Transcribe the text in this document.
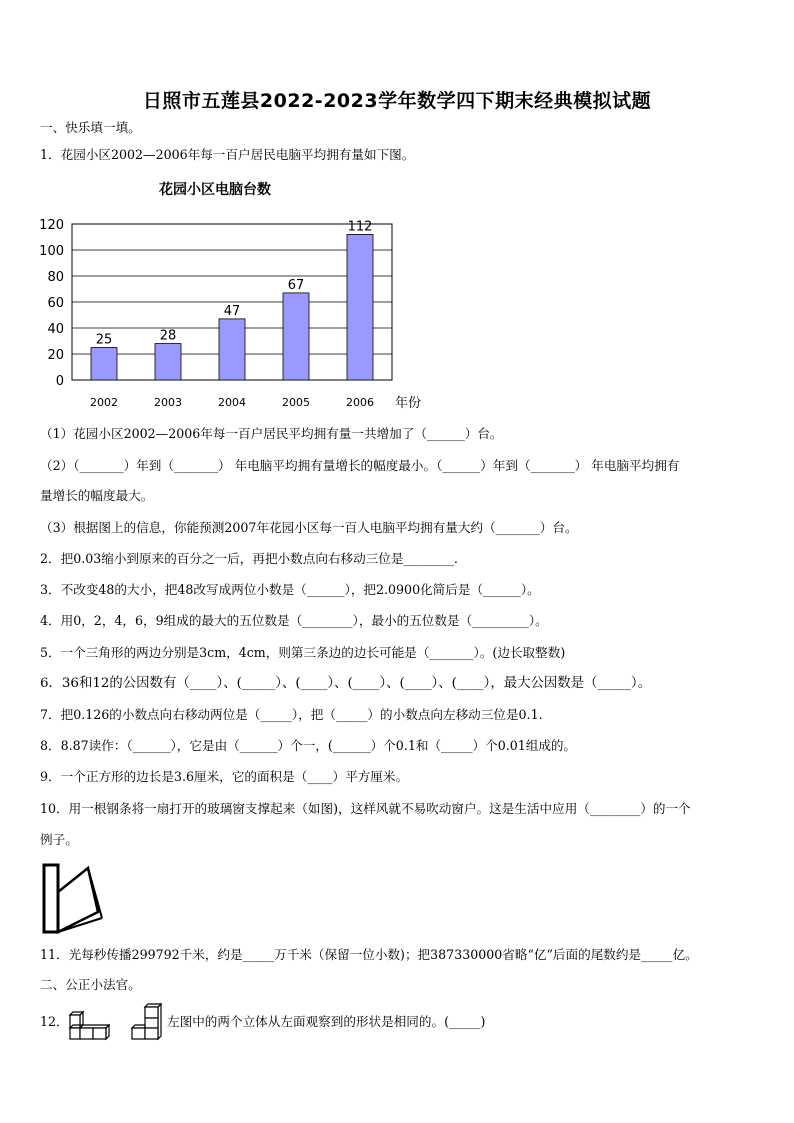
日照市五莲县2022-2023学年数学四下期末经典模拟试题
一、快乐填一填。
1．花园小区2002—2006年每一百户居民电脑平均拥有量如下图。
花园小区电脑台数
0
20
40
60
80
100
120
25	28
47
67
112
2002	2003	2004	2005	2006 年份
（1）花园小区2002—2006年每一百户居民平均拥有量一共增加了（______）台。
（2）（_______）年到（_______） 年电脑平均拥有量增长的幅度最小。（______）年到（_______） 年电脑平均拥有
量增长的幅度最大。
（3）根据图上的信息，你能预测2007年花园小区每一百人电脑平均拥有量大约（_______）台。
2．把0.03缩小到原来的百分之一后，再把小数点向右移动三位是________.
3．不改变48的大小，把48改写成两位小数是（______），把2.0900化简后是（______）。
4．用0，2，4，6，9组成的最大的五位数是（________），最小的五位数是（_________）。
5．一个三角形的两边分别是3cm，4cm，则第三条边的边长可能是（_______）。(边长取整数)
6．36和12的公因数有（____）、(_____）、(____）、(____）、(____）、(____），最大公因数是（_____）。
7．把0.126的小数点向右移动两位是（_____），把（_____）的小数点向左移动三位是0.1.
8．8.87读作：（______），它是由（______）个一，(______）个0.1和（_____）个0.01组成的。
9．一个正方形的边长是3.6厘米，它的面积是（____）平方厘米。
10．用一根钢条将一扇打开的玻璃窗支撑起来（如图)，这样风就不易吹动窗户。这是生活中应用（________）的一个
例子。
11．光每秒传播299792千米，约是_____万千米（保留一位小数)；把387330000省略“亿”后面的尾数约是_____亿。
二、公正小法官。
12．	左图中的两个立体从左面观察到的形状是相同的。(_____)
